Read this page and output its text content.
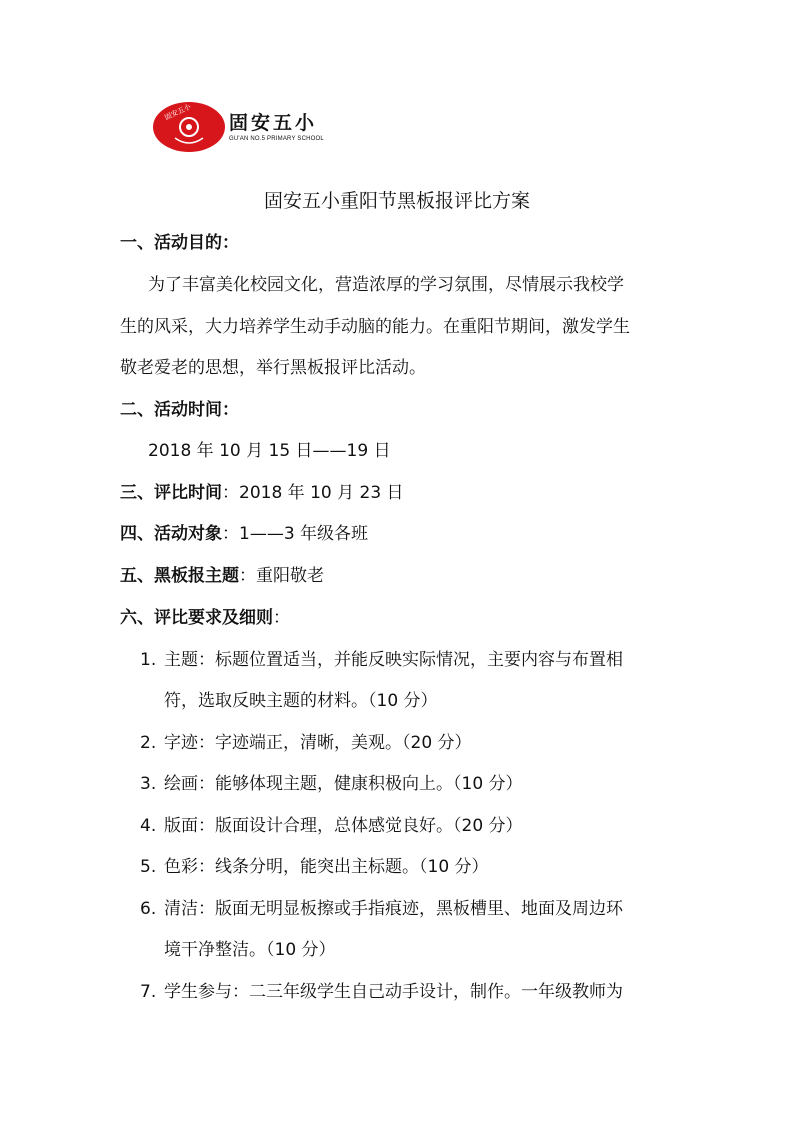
固安五小 固安五小
GU'AN NO.5 PRIMARY SCHOOL
固安五小重阳节黑板报评比方案
一、活动目的：
为了丰富美化校园文化，营造浓厚的学习氛围，尽情展示我校学
生的风采，大力培养学生动手动脑的能力。在重阳节期间，激发学生
敬老爱老的思想，举行黑板报评比活动。
二、活动时间：
2018 年 10 月 15 日——19 日
三、评比时间：2018 年 10 月 23 日
四、活动对象：1——3 年级各班
五、黑板报主题：重阳敬老
六、评比要求及细则：
1. 主题：标题位置适当，并能反映实际情况，主要内容与布置相
符，选取反映主题的材料。（10 分）
2. 字迹：字迹端正，清晰，美观。（20 分）
3. 绘画：能够体现主题，健康积极向上。（10 分）
4. 版面：版面设计合理，总体感觉良好。（20 分）
5. 色彩：线条分明，能突出主标题。（10 分）
6. 清洁：版面无明显板擦或手指痕迹，黑板槽里、地面及周边环
境干净整洁。（10 分）
7. 学生参与：二三年级学生自己动手设计，制作。一年级教师为
